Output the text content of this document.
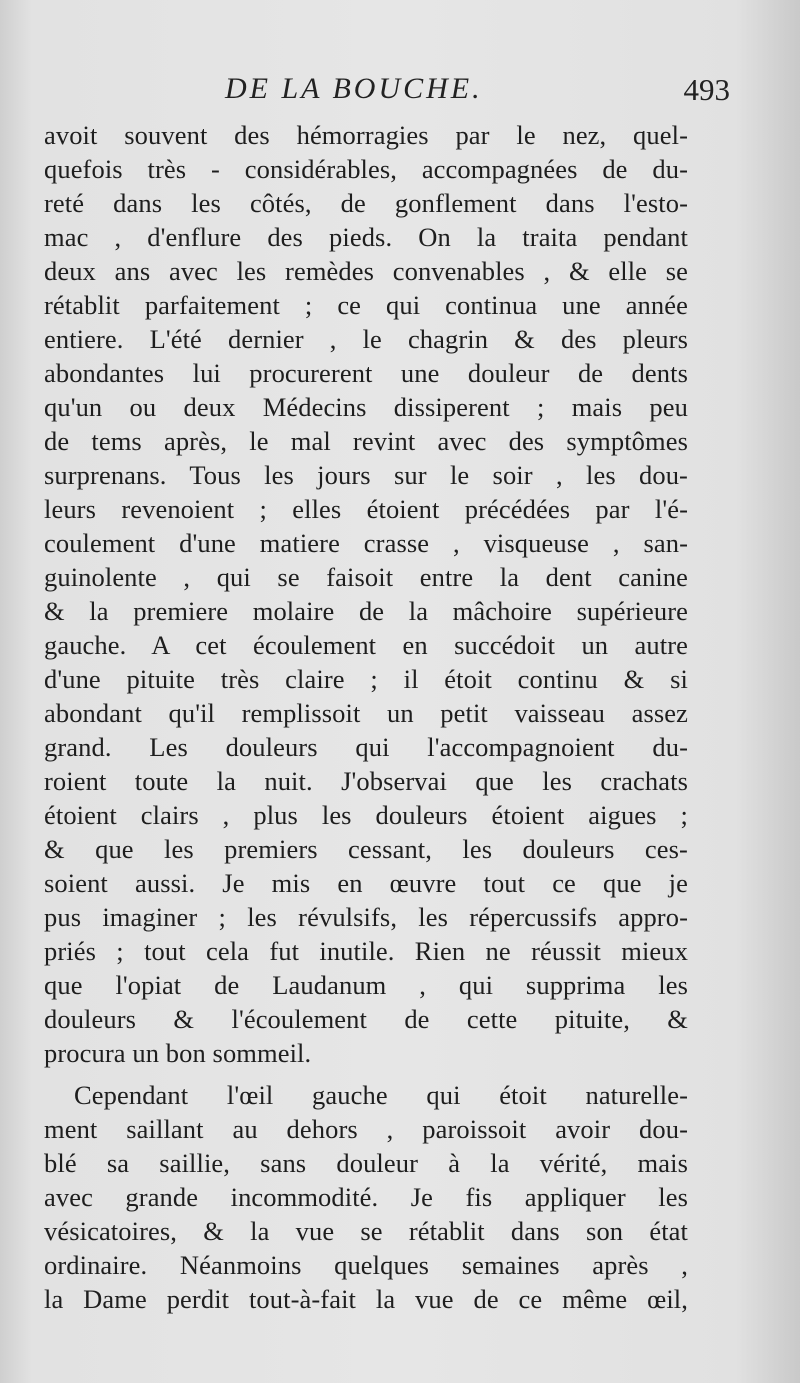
DE LA BOUCHE.	493
avoit souvent des hémorragies par le nez, quel-
quefois très - considérables, accompagnées de du-
reté dans les côtés, de gonflement dans l'esto-
mac , d'enflure des pieds. On la traita pendant
deux ans avec les remèdes convenables , & elle se
rétablit parfaitement ; ce qui continua une année
entiere. L'été dernier , le chagrin & des pleurs
abondantes lui procurerent une douleur de dents
qu'un ou deux Médecins dissiperent ; mais peu
de tems après, le mal revint avec des symptômes
surprenans. Tous les jours sur le soir , les dou-
leurs revenoient ; elles étoient précédées par l'é-
coulement d'une matiere crasse , visqueuse , san-
guinolente , qui se faisoit entre la dent canine
& la premiere molaire de la mâchoire supérieure
gauche. A cet écoulement en succédoit un autre
d'une pituite très claire ; il étoit continu & si
abondant qu'il remplissoit un petit vaisseau assez
grand. Les douleurs qui l'accompagnoient du-
roient toute la nuit. J'observai que les crachats
étoient clairs , plus les douleurs étoient aigues ;
& que les premiers cessant, les douleurs ces-
soient aussi. Je mis en œuvre tout ce que je
pus imaginer ; les révulsifs, les répercussifs appro-
priés ; tout cela fut inutile. Rien ne réussit mieux
que l'opiat de Laudanum , qui supprima les
douleurs & l'écoulement de cette pituite, &
procura un bon sommeil.
Cependant l'œil gauche qui étoit naturelle-
ment saillant au dehors , paroissoit avoir dou-
blé sa saillie, sans douleur à la vérité, mais
avec grande incommodité. Je fis appliquer les
vésicatoires, & la vue se rétablit dans son état
ordinaire. Néanmoins quelques semaines après ,
la Dame perdit tout-à-fait la vue de ce même œil,
